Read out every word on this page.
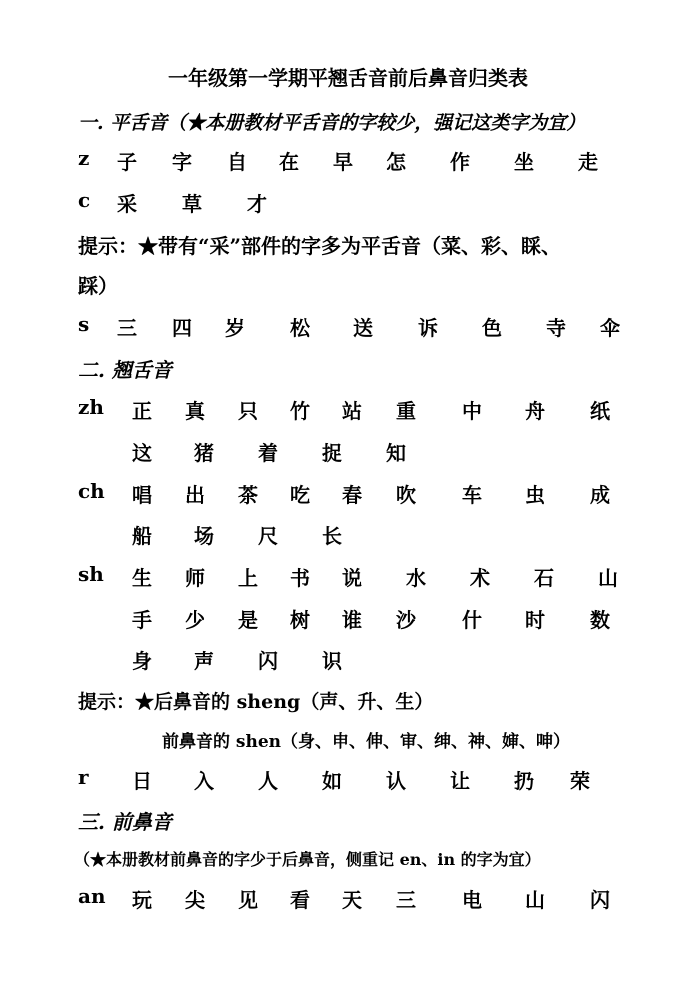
一年级第一学期平翘舌音前后鼻音归类表
一. 平舌音（★本册教材平舌音的字较少，强记这类字为宜）
z 子 字 自 在 早 怎 作 坐 走
c 采 草 才
提示：★带有“采”部件的字多为平舌音（菜、彩、睬、
踩）
s 三 四 岁 松 送 诉 色 寺 伞
二. 翘舌音
zh 正 真 只 竹 站 重 中 舟 纸
这 猪 着 捉 知
ch 唱 出 茶 吃 春 吹 车 虫 成
船 场 尺 长
sh 生 师 上 书 说 水 术 石 山
手 少 是 树 谁 沙 什 时 数
身 声 闪 识
提示：★后鼻音的 sheng（声、升、生）
前鼻音的 shen（身、申、伸、审、绅、神、婶、呻）
r 日 入 人 如 认 让 扔 荣
三. 前鼻音
（★本册教材前鼻音的字少于后鼻音，侧重记 en、in 的字为宜）
an 玩 尖 见 看 天 三 电 山 闪
